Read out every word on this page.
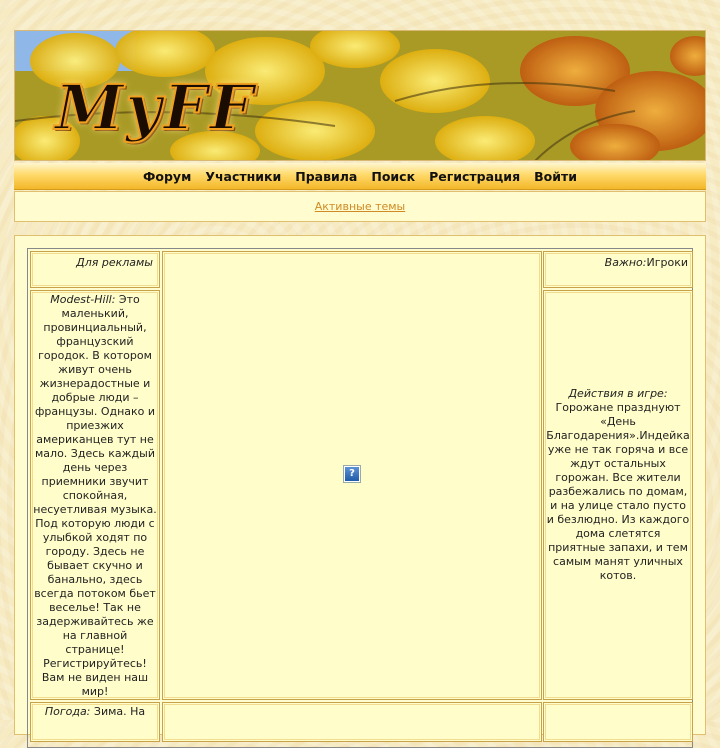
MyFF
Форум Участники Правила Поиск Регистрация Войти
Активные темы
Для рекламы
Modest-Hill: Это маленький, провинциальный, французский городок. В котором живут очень жизнерадостные и добрые люди – французы. Однако и приезжих американцев тут не мало. Здесь каждый день через приемники звучит спокойная, несуетливая музыка. Под которую люди с улыбкой ходят по городу. Здесь не бывает скучно и банально, здесь всегда потоком бьет веселье! Так не задерживайтесь же на главной странице! Регистрируйтесь! Вам не виден наш мир!
Погода: Зима. На
?
Важно:Игроки
Действия в игре:
Горожане празднуют «День Благодарения».Индейка уже не так горяча и все ждут остальных горожан. Все жители разбежались по домам, и на улице стало пусто и безлюдно. Из каждого дома слетятся приятные запахи, и тем самым манят уличных котов.
